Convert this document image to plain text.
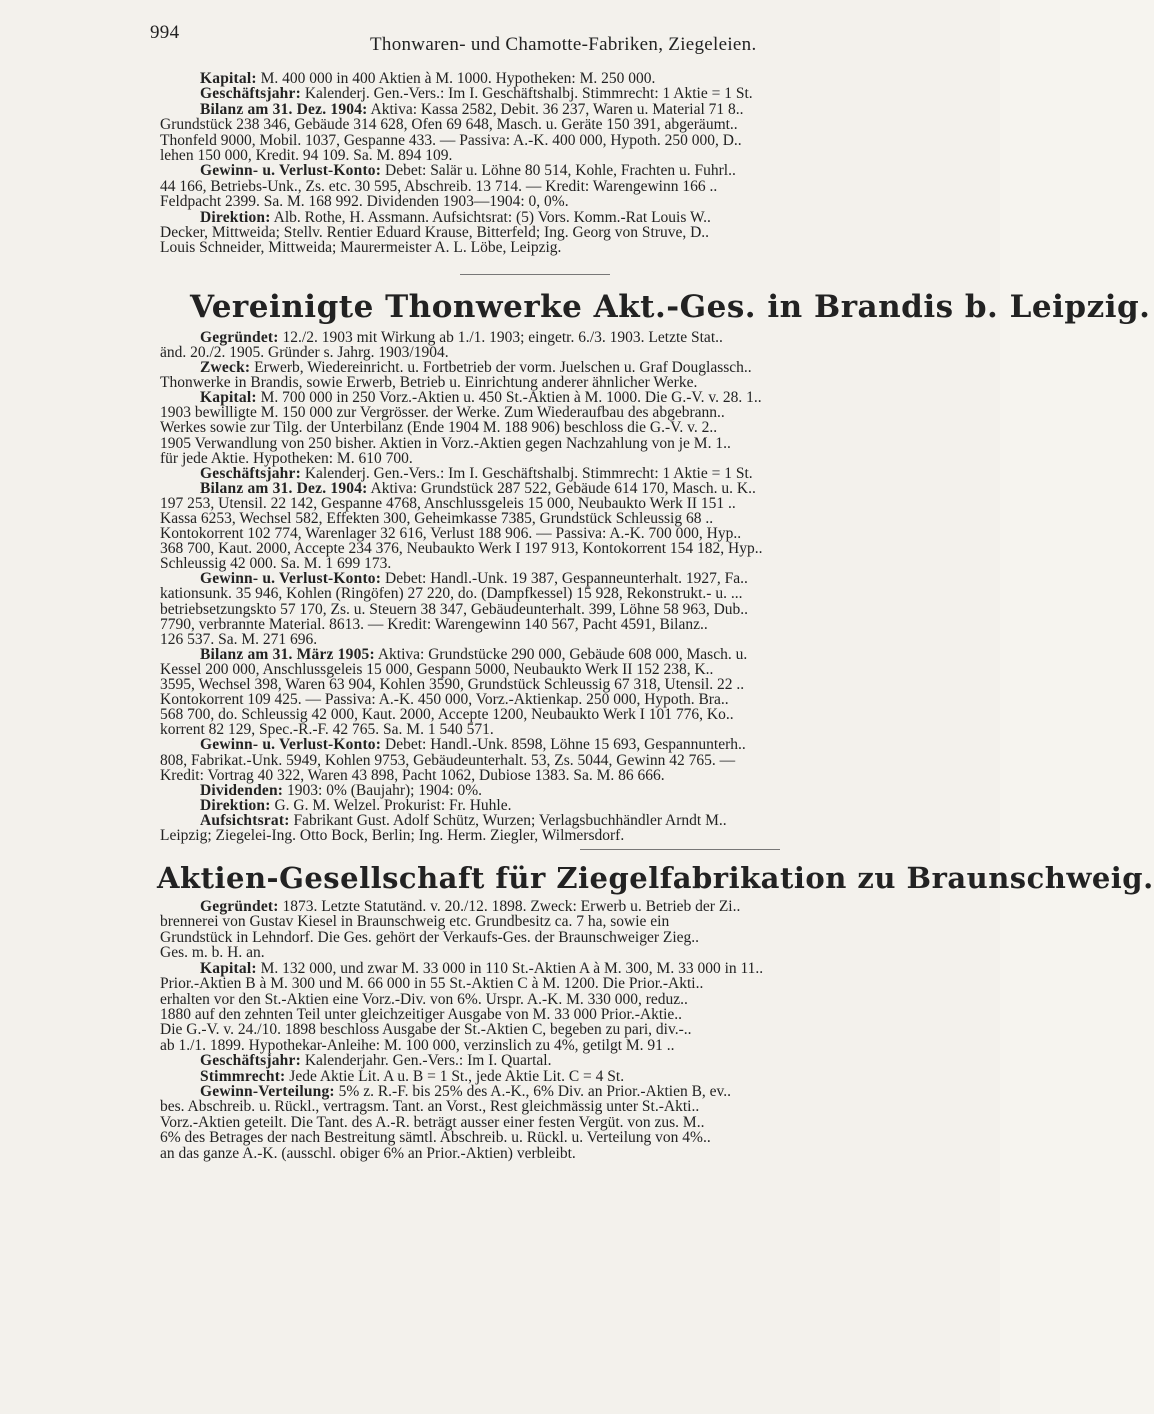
994
Thonwaren- und Chamotte-Fabriken, Ziegeleien.

Kapital: M. 400 000 in 400 Aktien à M. 1000. Hypotheken: M. 250 000.

Geschäftsjahr: Kalenderj. Gen.-Vers.: Im I. Geschäftshalbj. Stimmrecht: 1 Aktie = 1 St.

Bilanz am 31. Dez. 1904: Aktiva: Kassa 2582, Debit. 36 237, Waren u. Material 71 8..

Grundstück 238 346, Gebäude 314 628, Ofen 69 648, Masch. u. Geräte 150 391, abgeräumt..

Thonfeld 9000, Mobil. 1037, Gespanne 433. — Passiva: A.-K. 400 000, Hypoth. 250 000, D..

lehen 150 000, Kredit. 94 109. Sa. M. 894 109.

Gewinn- u. Verlust-Konto: Debet: Salär u. Löhne 80 514, Kohle, Frachten u. Fuhrl..

44 166, Betriebs-Unk., Zs. etc. 30 595, Abschreib. 13 714. — Kredit: Warengewinn 166 ..

Feldpacht 2399. Sa. M. 168 992. Dividenden 1903—1904: 0, 0%.

Direktion: Alb. Rothe, H. Assmann. Aufsichtsrat: (5) Vors. Komm.-Rat Louis W..

Decker, Mittweida; Stellv. Rentier Eduard Krause, Bitterfeld; Ing. Georg von Struve, D..

Louis Schneider, Mittweida; Maurermeister A. L. Löbe, Leipzig.

Vereinigte Thonwerke Akt.-Ges. in Brandis b. Leipzig.

Gegründet: 12./2. 1903 mit Wirkung ab 1./1. 1903; eingetr. 6./3. 1903. Letzte Stat..

änd. 20./2. 1905. Gründer s. Jahrg. 1903/1904.

Zweck: Erwerb, Wiedereinricht. u. Fortbetrieb der vorm. Juelschen u. Graf Douglassch..

Thonwerke in Brandis, sowie Erwerb, Betrieb u. Einrichtung anderer ähnlicher Werke.

Kapital: M. 700 000 in 250 Vorz.-Aktien u. 450 St.-Aktien à M. 1000. Die G.-V. v. 28. 1..

1903 bewilligte M. 150 000 zur Vergrösser. der Werke. Zum Wiederaufbau des abgebrann..

Werkes sowie zur Tilg. der Unterbilanz (Ende 1904 M. 188 906) beschloss die G.-V. v. 2..

1905 Verwandlung von 250 bisher. Aktien in Vorz.-Aktien gegen Nachzahlung von je M. 1..

für jede Aktie. Hypotheken: M. 610 700.

Geschäftsjahr: Kalenderj. Gen.-Vers.: Im I. Geschäftshalbj. Stimmrecht: 1 Aktie = 1 St.

Bilanz am 31. Dez. 1904: Aktiva: Grundstück 287 522, Gebäude 614 170, Masch. u. K..

197 253, Utensil. 22 142, Gespanne 4768, Anschlussgeleis 15 000, Neubaukto Werk II 151 ..

Kassa 6253, Wechsel 582, Effekten 300, Geheimkasse 7385, Grundstück Schleussig 68 ..

Kontokorrent 102 774, Warenlager 32 616, Verlust 188 906. — Passiva: A.-K. 700 000, Hyp..

368 700, Kaut. 2000, Accepte 234 376, Neubaukto Werk I 197 913, Kontokorrent 154 182, Hyp..

Schleussig 42 000. Sa. M. 1 699 173.

Gewinn- u. Verlust-Konto: Debet: Handl.-Unk. 19 387, Gespanneunterhalt. 1927, Fa..

kationsunk. 35 946, Kohlen (Ringöfen) 27 220, do. (Dampfkessel) 15 928, Rekonstrukt.- u. ...

betriebsetzungskto 57 170, Zs. u. Steuern 38 347, Gebäudeunterhalt. 399, Löhne 58 963, Dub..

7790, verbrannte Material. 8613. — Kredit: Warengewinn 140 567, Pacht 4591, Bilanz..

126 537. Sa. M. 271 696.

Bilanz am 31. März 1905: Aktiva: Grundstücke 290 000, Gebäude 608 000, Masch. u.

Kessel 200 000, Anschlussgeleis 15 000, Gespann 5000, Neubaukto Werk II 152 238, K..

3595, Wechsel 398, Waren 63 904, Kohlen 3590, Grundstück Schleussig 67 318, Utensil. 22 ..

Kontokorrent 109 425. — Passiva: A.-K. 450 000, Vorz.-Aktienkap. 250 000, Hypoth. Bra..

568 700, do. Schleussig 42 000, Kaut. 2000, Accepte 1200, Neubaukto Werk I 101 776, Ko..

korrent 82 129, Spec.-R.-F. 42 765. Sa. M. 1 540 571.

Gewinn- u. Verlust-Konto: Debet: Handl.-Unk. 8598, Löhne 15 693, Gespannunterh..

808, Fabrikat.-Unk. 5949, Kohlen 9753, Gebäudeunterhalt. 53, Zs. 5044, Gewinn 42 765. —

Kredit: Vortrag 40 322, Waren 43 898, Pacht 1062, Dubiose 1383. Sa. M. 86 666.

Dividenden: 1903: 0% (Baujahr); 1904: 0%.

Direktion: G. G. M. Welzel. Prokurist: Fr. Huhle.

Aufsichtsrat: Fabrikant Gust. Adolf Schütz, Wurzen; Verlagsbuchhändler Arndt M..

Leipzig; Ziegelei-Ing. Otto Bock, Berlin; Ing. Herm. Ziegler, Wilmersdorf.

Aktien-Gesellschaft für Ziegelfabrikation zu Braunschweig.

Gegründet: 1873. Letzte Statutänd. v. 20./12. 1898. Zweck: Erwerb u. Betrieb der Zi..

brennerei von Gustav Kiesel in Braunschweig etc. Grundbesitz ca. 7 ha, sowie ein

Grundstück in Lehndorf. Die Ges. gehört der Verkaufs-Ges. der Braunschweiger Zieg..

Ges. m. b. H. an.

Kapital: M. 132 000, und zwar M. 33 000 in 110 St.-Aktien A à M. 300, M. 33 000 in 11..

Prior.-Aktien B à M. 300 und M. 66 000 in 55 St.-Aktien C à M. 1200. Die Prior.-Akti..

erhalten vor den St.-Aktien eine Vorz.-Div. von 6%. Urspr. A.-K. M. 330 000, reduz..

1880 auf den zehnten Teil unter gleichzeitiger Ausgabe von M. 33 000 Prior.-Aktie..

Die G.-V. v. 24./10. 1898 beschloss Ausgabe der St.-Aktien C, begeben zu pari, div.-..

ab 1./1. 1899. Hypothekar-Anleihe: M. 100 000, verzinslich zu 4%, getilgt M. 91 ..

Geschäftsjahr: Kalenderjahr. Gen.-Vers.: Im I. Quartal.

Stimmrecht: Jede Aktie Lit. A u. B = 1 St., jede Aktie Lit. C = 4 St.

Gewinn-Verteilung: 5% z. R.-F. bis 25% des A.-K., 6% Div. an Prior.-Aktien B, ev..

bes. Abschreib. u. Rückl., vertragsm. Tant. an Vorst., Rest gleichmässig unter St.-Akti..

Vorz.-Aktien geteilt. Die Tant. des A.-R. beträgt ausser einer festen Vergüt. von zus. M..

6% des Betrages der nach Bestreitung sämtl. Abschreib. u. Rückl. u. Verteilung von 4%..

an das ganze A.-K. (ausschl. obiger 6% an Prior.-Aktien) verbleibt.
